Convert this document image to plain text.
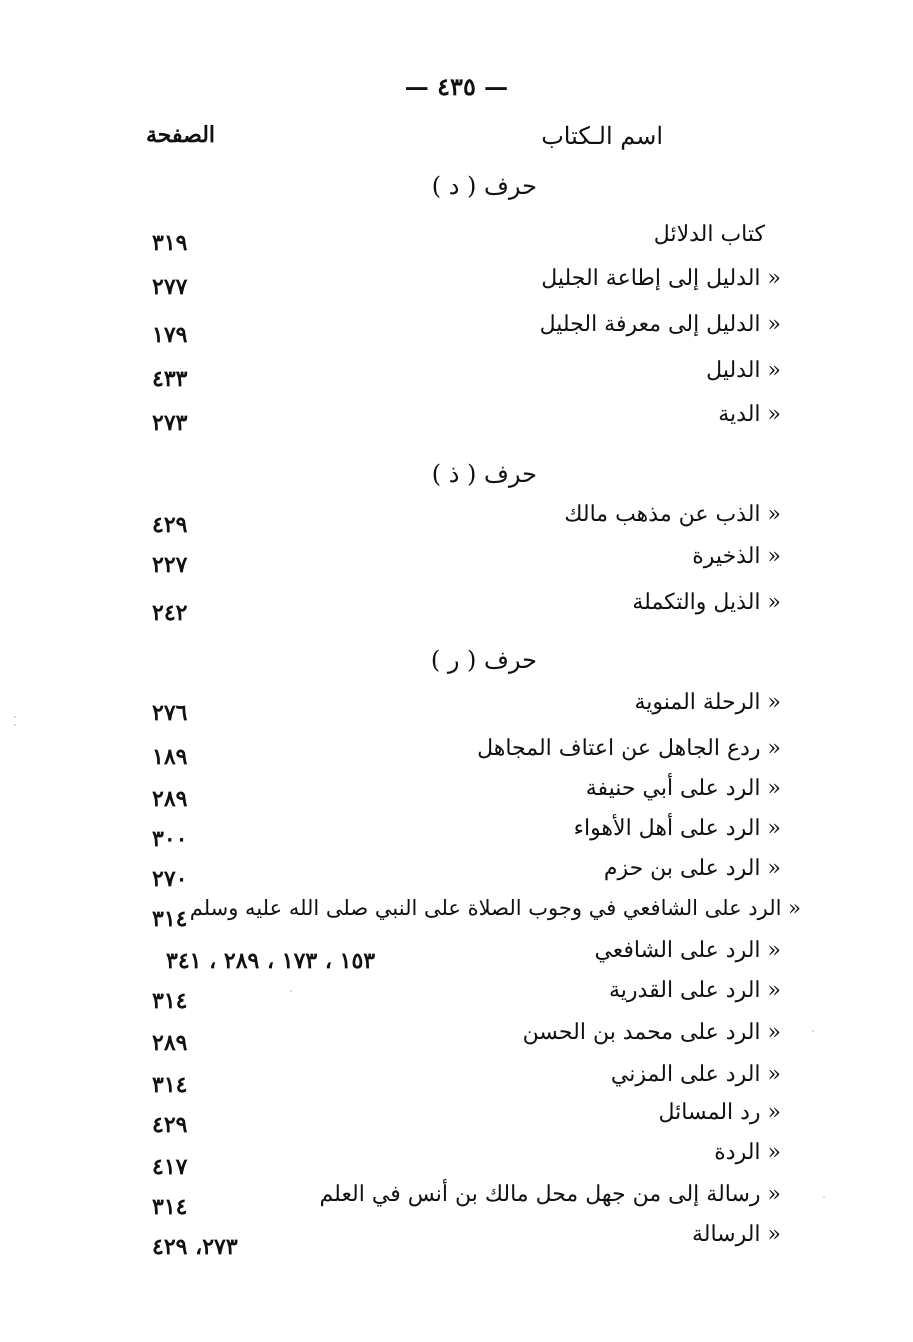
— ٤٣٥ —
اسم الـكتاب
الصفحة
حرف ( د )
كتاب الدلائل
٣١٩
« الدليل إلى إطاعة الجليل
٢٧٧
« الدليل إلى معرفة الجليل
١٧٩
« الدليل
٤٣٣
« الدية
٢٧٣
حرف ( ذ )
« الذب عن مذهب مالك
٤٢٩
« الذخيرة
٢٢٧
« الذيل والتكملة
٢٤٢
حرف ( ر )
« الرحلة المنوية
٢٧٦
« ردع الجاهل عن اعتاف المجاهل
١٨٩
« الرد على أبي حنيفة
٢٨٩
« الرد على أهل الأهواء
٣٠٠
« الرد على بن حزم
٢٧٠
« الرد على الشافعي في وجوب الصلاة على النبي صلى الله عليه وسلم
٣١٤
« الرد على الشافعي
١٥٣ ، ١٧٣ ، ٢٨٩ ، ٣٤١
« الرد على القدرية
٣١٤
« الرد على محمد بن الحسن
٢٨٩
« الرد على المزني
٣١٤
« رد المسائل
٤٢٩
« الردة
٤١٧
« رسالة إلى من جهل محل مالك بن أنس في العلم
٣١٤
« الرسالة
٢٧٣، ٤٢٩
